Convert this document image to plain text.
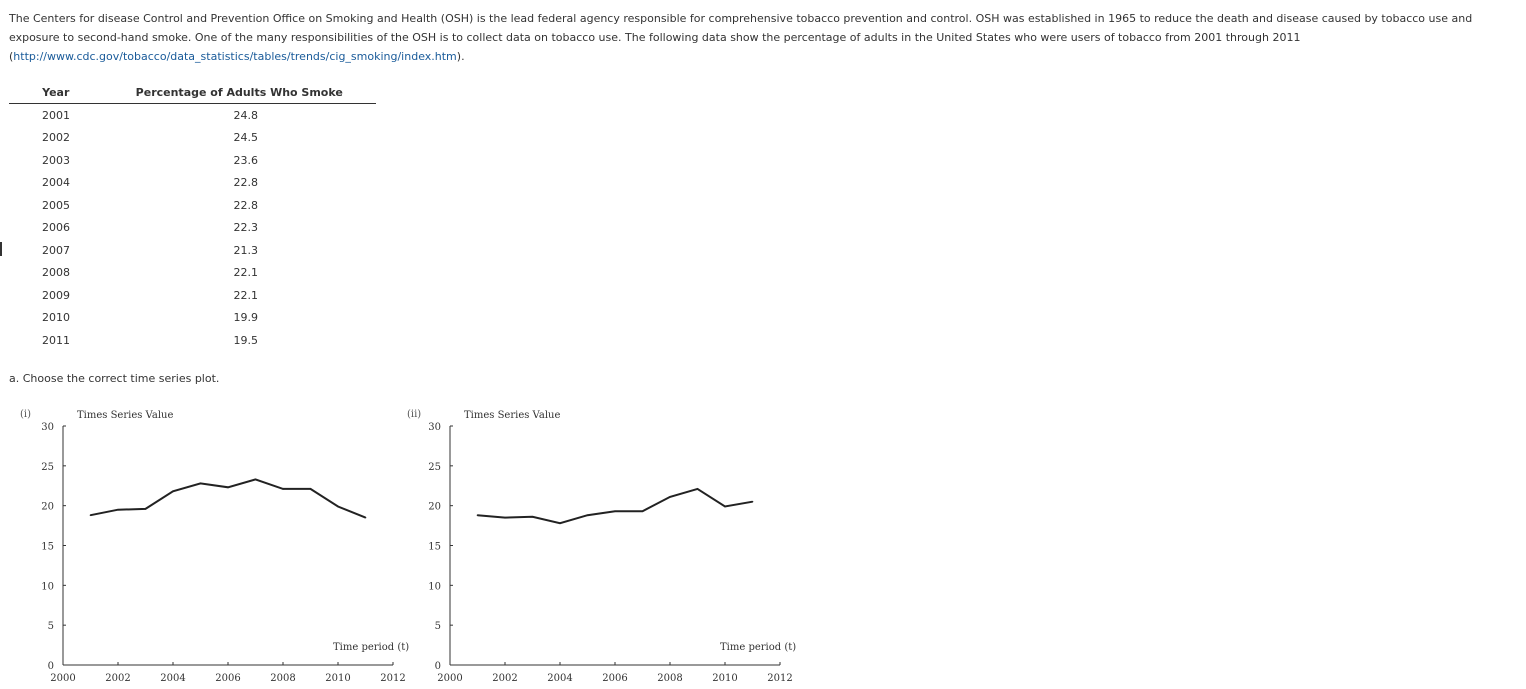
The Centers for disease Control and Prevention Office on Smoking and Health (OSH) is the lead federal agency responsible for comprehensive tobacco prevention and control. OSH was established in 1965 to reduce the death and disease caused by tobacco use and exposure to second-hand smoke. One of the many responsibilities of the OSH is to collect data on tobacco use. The following data show the percentage of adults in the United States who were users of tobacco from 2001 through 2011 (http://www.cdc.gov/tobacco/data_statistics/tables/trends/cig_smoking/index.htm).

Year	Percentage of Adults Who Smoke
2001	24.8
2002	24.5
2003	23.6
2004	22.8
2005	22.8
2006	22.3
2007	21.3
2008	22.1
2009	22.1
2010	19.9
2011	19.5

a. Choose the correct time series plot.

(i)	Times Series Value
Time period (t)
0
5
10
15
20
25
30
2000	2002	2004	2006	2008	2010	2012
(ii)	Times Series Value
Time period (t)
0
5
10
15
20
25
30
2000	2002	2004	2006	2008	2010	2012
